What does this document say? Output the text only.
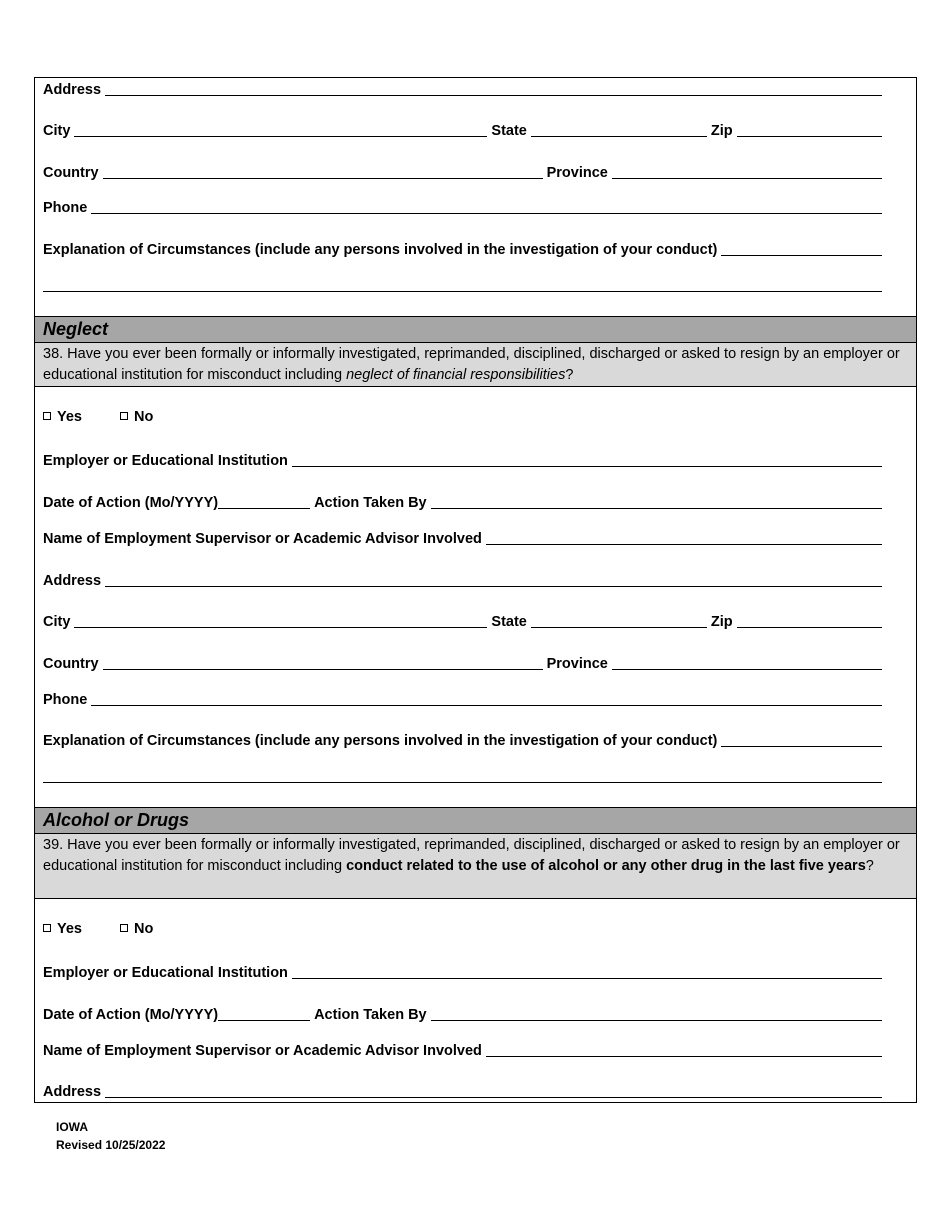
Address
City	State	Zip
Country	Province
Phone
Explanation of Circumstances (include any persons involved in the investigation of your conduct)
Neglect
38. Have you ever been formally or informally investigated, reprimanded, disciplined, discharged or asked to resign by an employer or educational institution for misconduct including neglect of financial responsibilities?
Yes	No
Employer or Educational Institution
Date of Action (Mo/YYYY)	Action Taken By
Name of Employment Supervisor or Academic Advisor Involved
Address
City	State	Zip
Country	Province
Phone
Explanation of Circumstances (include any persons involved in the investigation of your conduct)
Alcohol or Drugs
39. Have you ever been formally or informally investigated, reprimanded, disciplined, discharged or asked to resign by an employer or educational institution for misconduct including conduct related to the use of alcohol or any other drug in the last five years?
Yes	No
Employer or Educational Institution
Date of Action (Mo/YYYY)	Action Taken By
Name of Employment Supervisor or Academic Advisor Involved
Address
IOWA
Revised 10/25/2022
